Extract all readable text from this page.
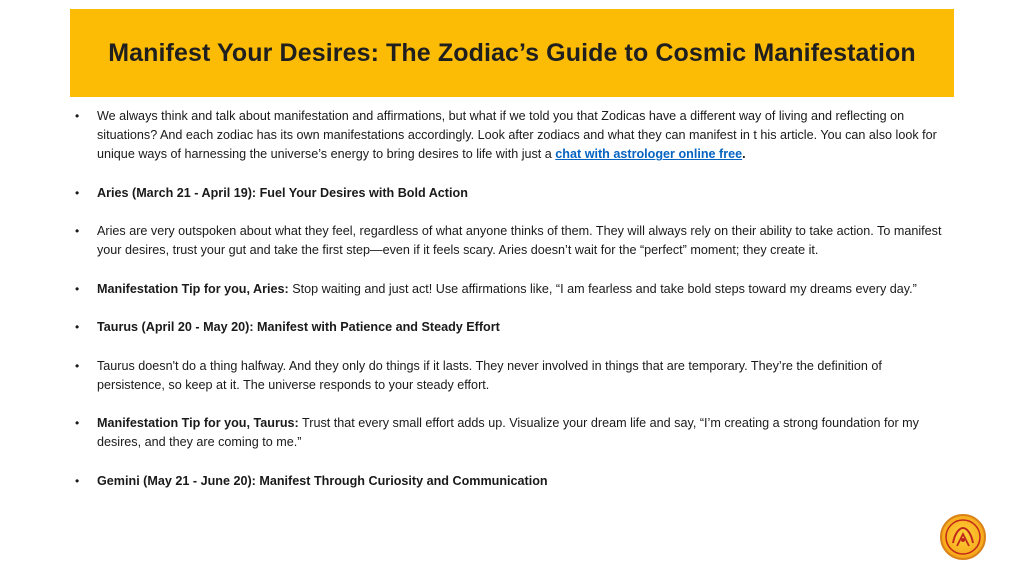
Manifest Your Desires: The Zodiac’s Guide to Cosmic Manifestation
• We always think and talk about manifestation and affirmations, but what if we told you that Zodicas have a different way of living and reflecting on situations? And each zodiac has its own manifestations accordingly. Look after zodiacs and what they can manifest in t his article. You can also look for unique ways of harnessing the universe’s energy to bring desires to life with just a chat with astrologer online free.
• Aries (March 21 - April 19): Fuel Your Desires with Bold Action
• Aries are very outspoken about what they feel, regardless of what anyone thinks of them. They will always rely on their ability to take action. To manifest your desires, trust your gut and take the first step—even if it feels scary. Aries doesn’t wait for the “perfect” moment; they create it.
• Manifestation Tip for you, Aries: Stop waiting and just act! Use affirmations like, “I am fearless and take bold steps toward my dreams every day.”
• Taurus (April 20 - May 20): Manifest with Patience and Steady Effort
• Taurus doesn't do a thing halfway. And they only do things if it lasts. They never involved in things that are temporary. They’re the definition of persistence, so keep at it. The universe responds to your steady effort.
• Manifestation Tip for you, Taurus: Trust that every small effort adds up. Visualize your dream life and say, “I’m creating a strong foundation for my desires, and they are coming to me.”
• Gemini (May 21 - June 20): Manifest Through Curiosity and Communication
